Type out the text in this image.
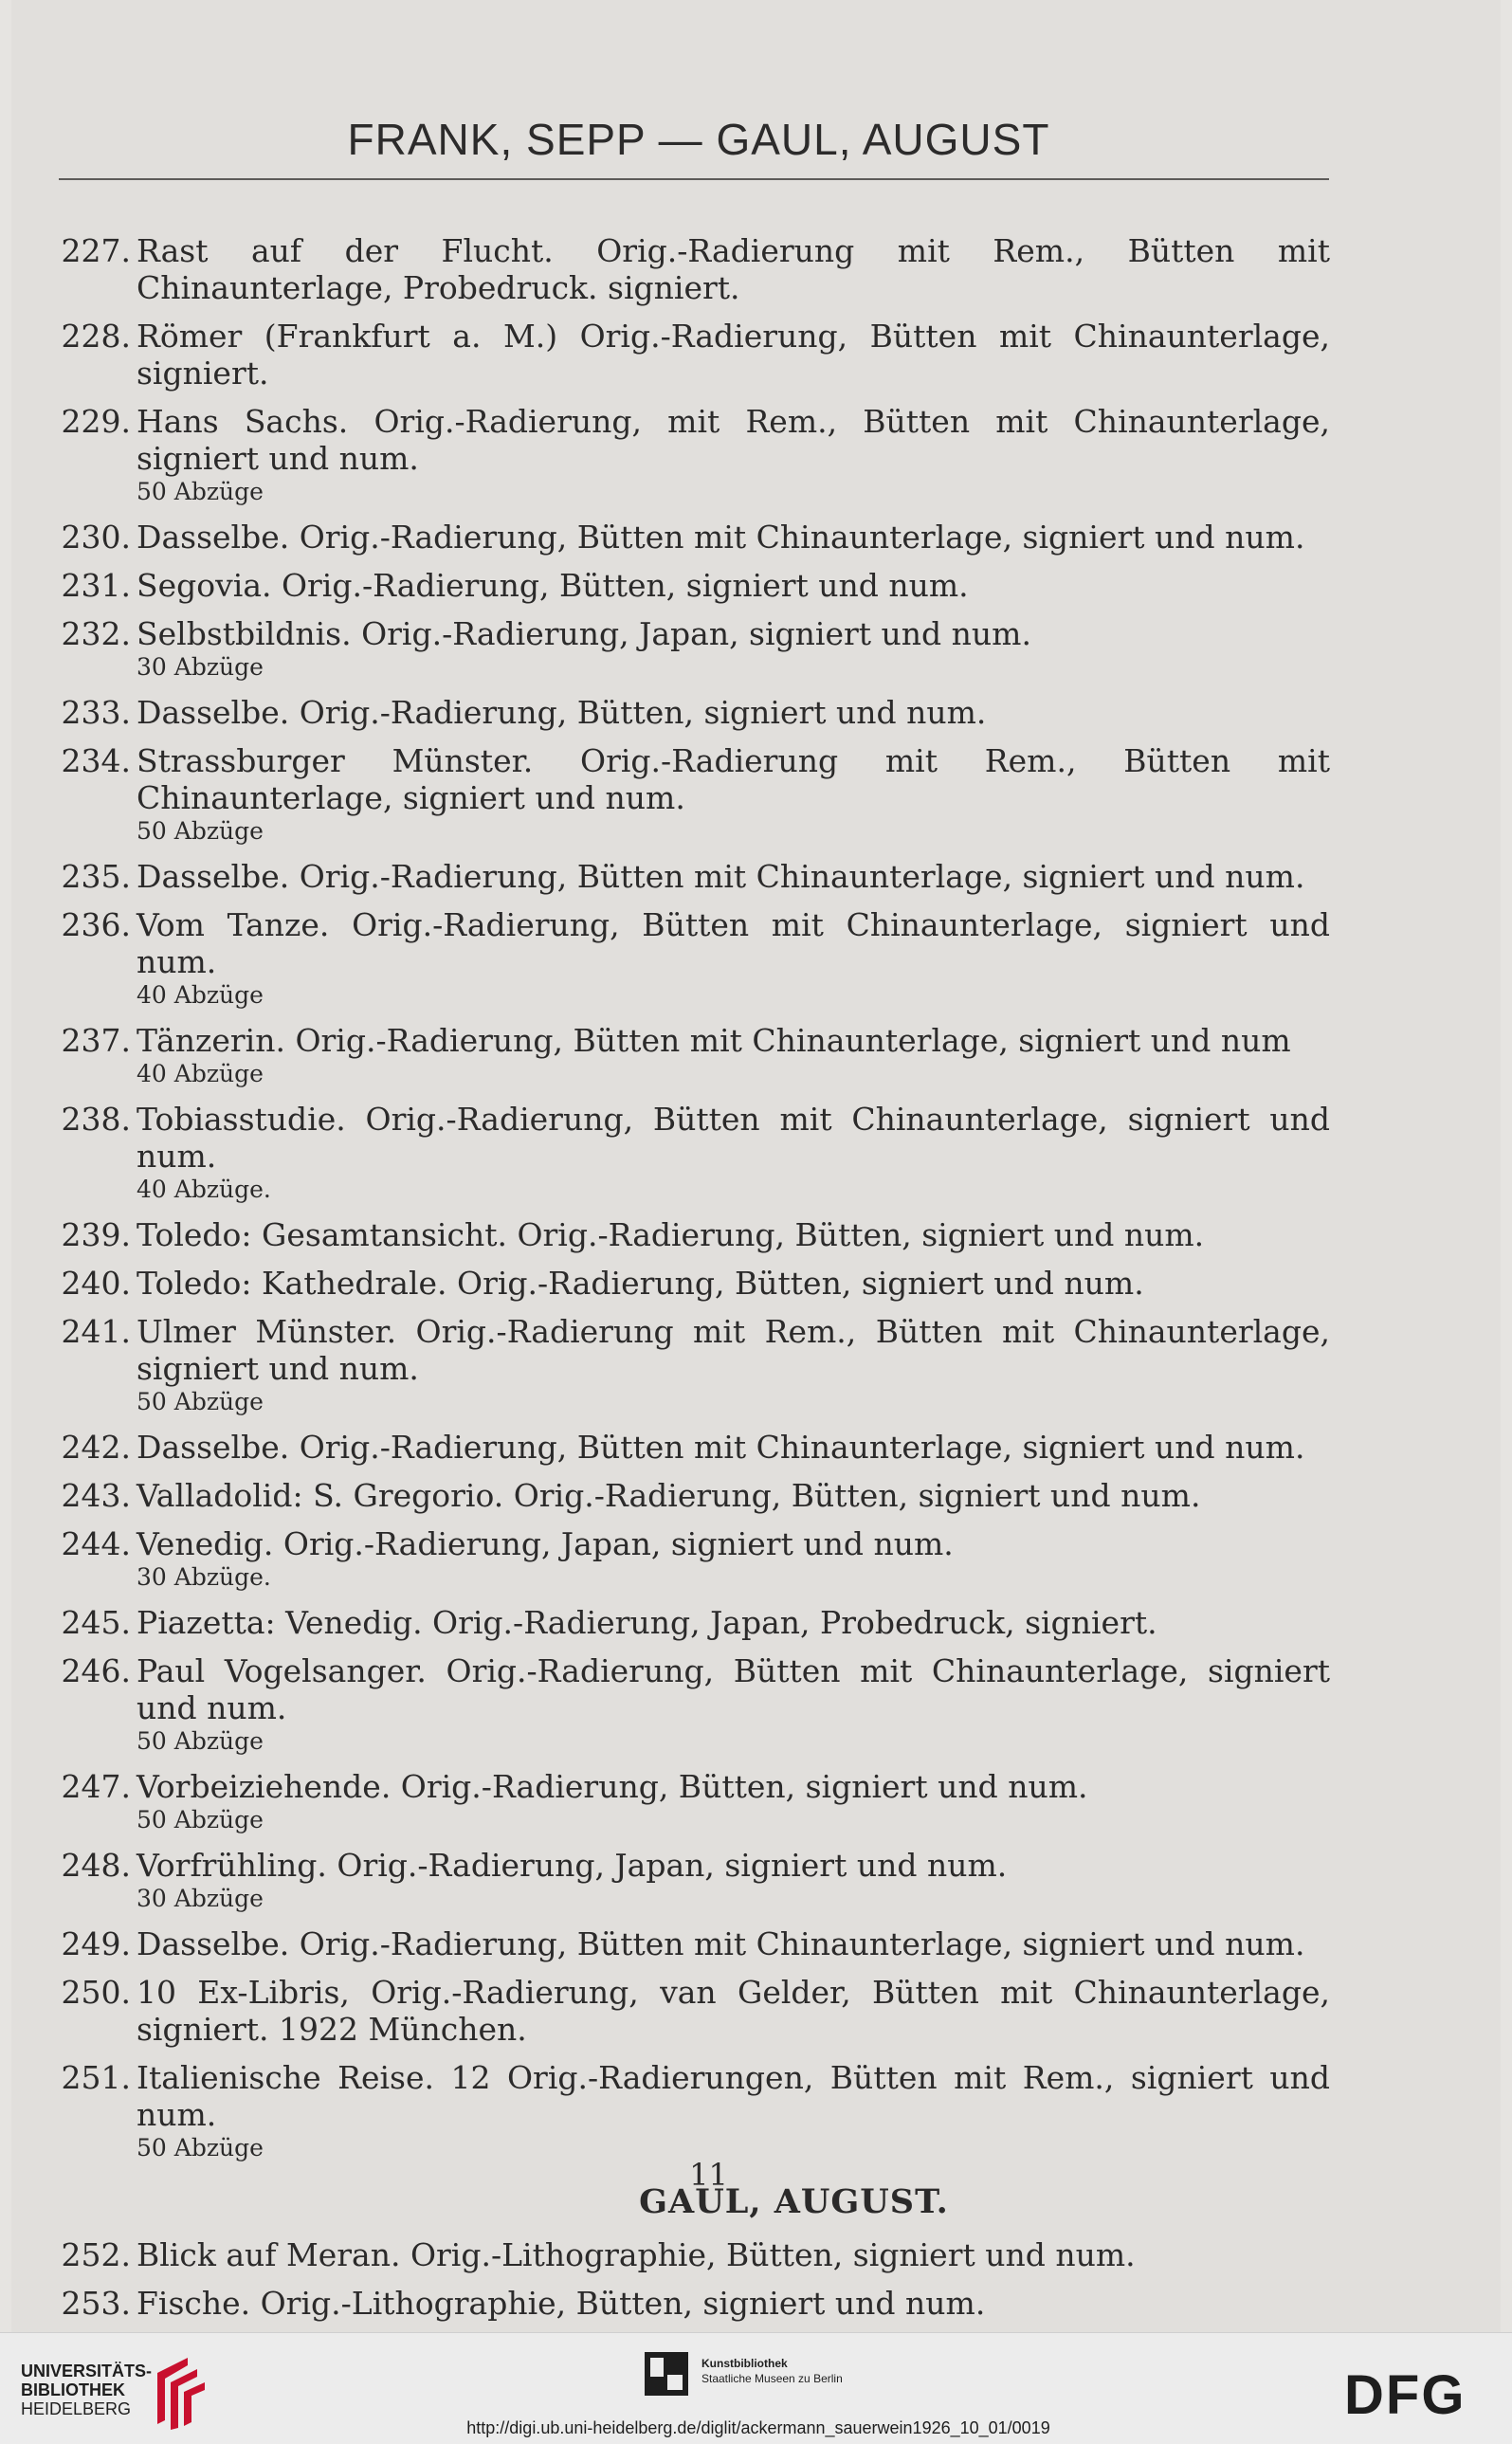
FRANK, SEPP — GAUL, AUGUST
227. Rast auf der Flucht. Orig.-Radierung mit Rem., Bütten mit Chinaunterlage, Probedruck. signiert.
228. Römer (Frankfurt a. M.) Orig.-Radierung, Bütten mit Chinaunterlage, signiert.
229. Hans Sachs. Orig.-Radierung, mit Rem., Bütten mit Chinaunterlage, signiert und num.
50 Abzüge
230. Dasselbe. Orig.-Radierung, Bütten mit Chinaunterlage, signiert und num.
231. Segovia. Orig.-Radierung, Bütten, signiert und num.
232. Selbstbildnis. Orig.-Radierung, Japan, signiert und num.
30 Abzüge
233. Dasselbe. Orig.-Radierung, Bütten, signiert und num.
234. Strassburger Münster. Orig.-Radierung mit Rem., Bütten mit Chinaunterlage, signiert und num.
50 Abzüge
235. Dasselbe. Orig.-Radierung, Bütten mit Chinaunterlage, signiert und num.
236. Vom Tanze. Orig.-Radierung, Bütten mit Chinaunterlage, signiert und num.
40 Abzüge
237. Tänzerin. Orig.-Radierung, Bütten mit Chinaunterlage, signiert und num
40 Abzüge
238. Tobiasstudie. Orig.-Radierung, Bütten mit Chinaunterlage, signiert und num.
40 Abzüge.
239. Toledo: Gesamtansicht. Orig.-Radierung, Bütten, signiert und num.
240. Toledo: Kathedrale. Orig.-Radierung, Bütten, signiert und num.
241. Ulmer Münster. Orig.-Radierung mit Rem., Bütten mit Chinaunterlage, signiert und num.
50 Abzüge
242. Dasselbe. Orig.-Radierung, Bütten mit Chinaunterlage, signiert und num.
243. Valladolid: S. Gregorio. Orig.-Radierung, Bütten, signiert und num.
244. Venedig. Orig.-Radierung, Japan, signiert und num.
30 Abzüge.
245. Piazetta: Venedig. Orig.-Radierung, Japan, Probedruck, signiert.
246. Paul Vogelsanger. Orig.-Radierung, Bütten mit Chinaunterlage, signiert und num.
50 Abzüge
247. Vorbeiziehende. Orig.-Radierung, Bütten, signiert und num.
50 Abzüge
248. Vorfrühling. Orig.-Radierung, Japan, signiert und num.
30 Abzüge
249. Dasselbe. Orig.-Radierung, Bütten mit Chinaunterlage, signiert und num.
250. 10 Ex-Libris, Orig.-Radierung, van Gelder, Bütten mit Chinaunterlage, signiert. 1922 München.
251. Italienische Reise. 12 Orig.-Radierungen, Bütten mit Rem., signiert und num.
50 Abzüge
GAUL, AUGUST.
252. Blick auf Meran. Orig.-Lithographie, Bütten, signiert und num.
253. Fische. Orig.-Lithographie, Bütten, signiert und num.
11
UNIVERSITÄTS-
BIBLIOTHEK
HEIDELBERG
Kunstbibliothek
Staatliche Museen zu Berlin	DFG
http://digi.ub.uni-heidelberg.de/diglit/ackermann_sauerwein1926_10_01/0019
